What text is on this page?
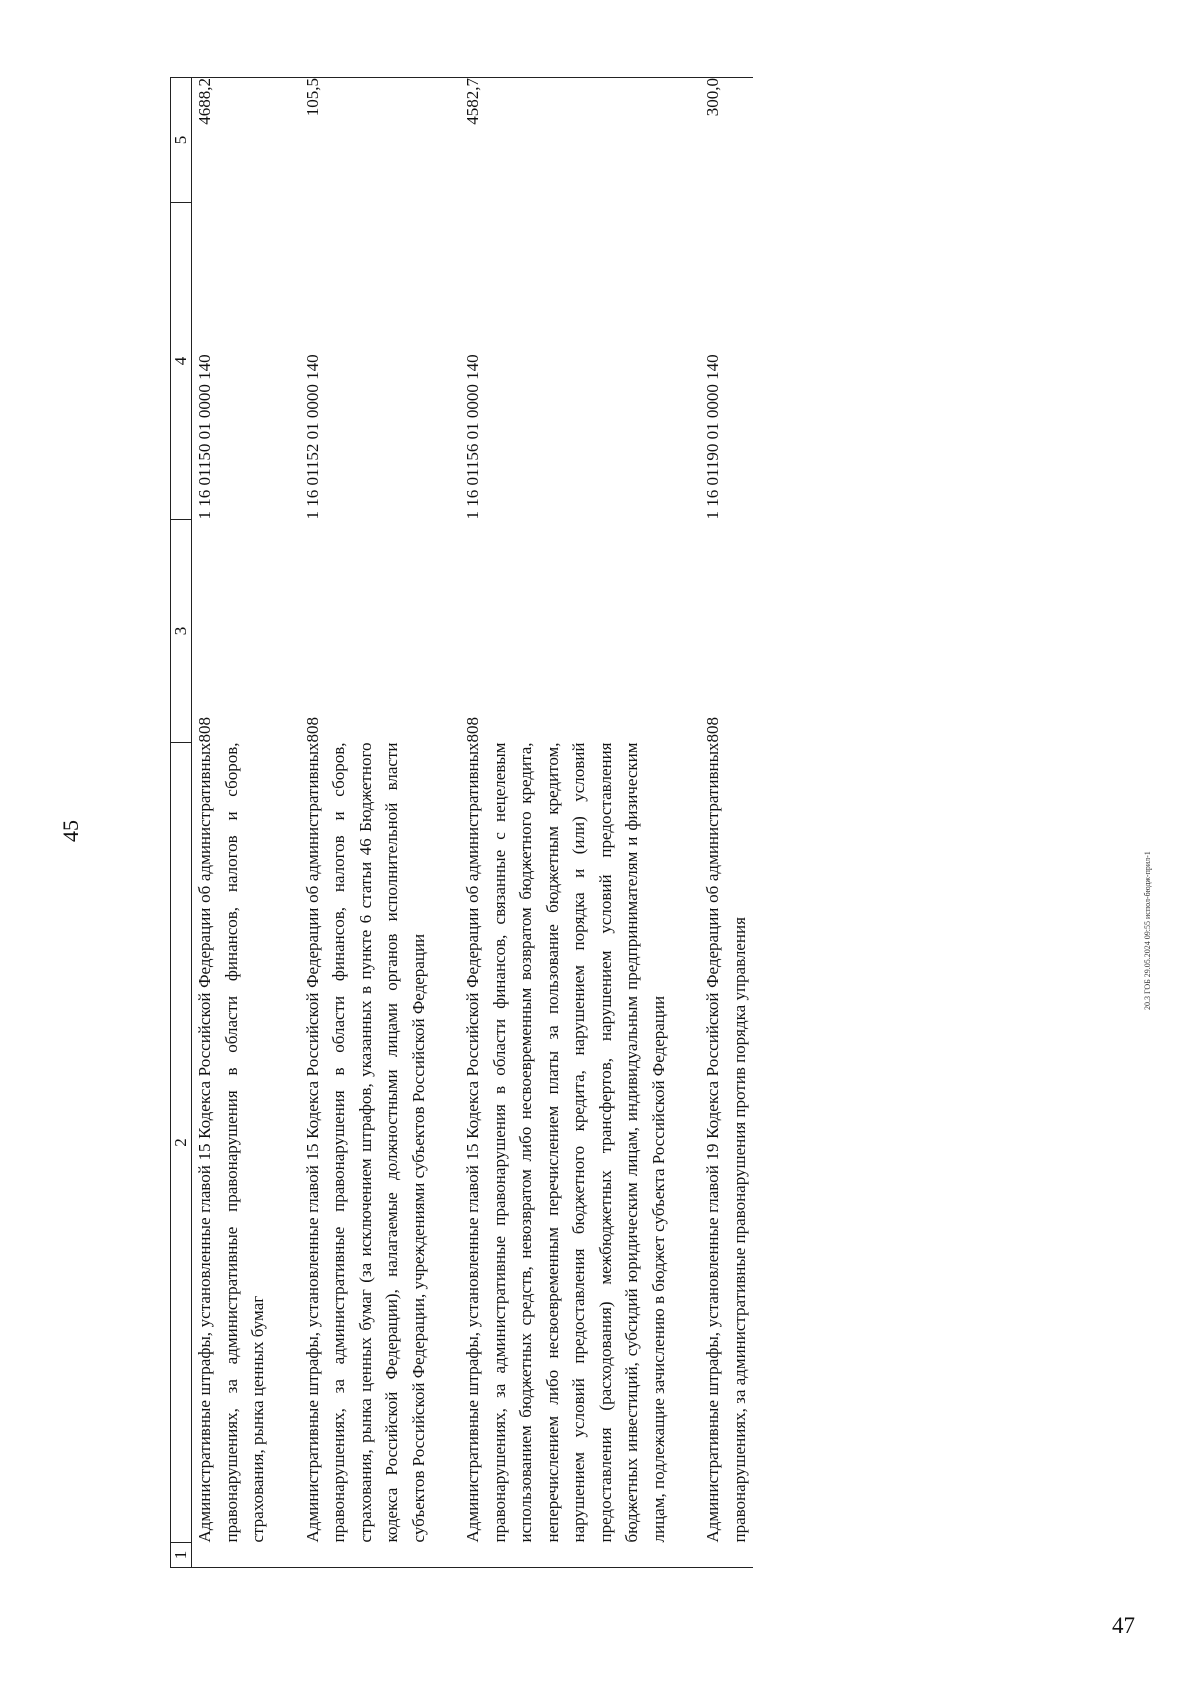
45
1	2	3	4	5
	Административные штрафы, установленные главой 15 Кодекса Российской Федерации об административных правонарушениях, за административные правонарушения в области финансов, налогов и сборов, страхования, рынка ценных бумаг	808	1 16 01150 01 0000 140	4688,2
	Административные штрафы, установленные главой 15 Кодекса Российской Федерации об административных правонарушениях, за административные правонарушения в области финансов, налогов и сборов, страхования, рынка ценных бумаг (за исключением штрафов, указанных в пункте 6 статьи 46 Бюджетного кодекса Российской Федерации), налагаемые должностными лицами органов исполнительной власти субъектов Российской Федерации, учреждениями субъектов Российской Федерации	808	1 16 01152 01 0000 140	105,5
	Административные штрафы, установленные главой 15 Кодекса Российской Федерации об административных правонарушениях, за административные правонарушения в области финансов, связанные с нецелевым использованием бюджетных средств, невозвратом либо несвоевременным возвратом бюджетного кредита, неперечислением либо несвоевременным перечислением платы за пользование бюджетным кредитом, нарушением условий предоставления бюджетного кредита, нарушением порядка и (или) условий предоставления (расходования) межбюджетных трансфертов, нарушением условий предоставления бюджетных инвестиций, субсидий юридическим лицам, индивидуальным предпринимателям и физическим лицам, подлежащие зачислению в бюджет субъекта Российской Федерации	808	1 16 01156 01 0000 140	4582,7
	Административные штрафы, установленные главой 19 Кодекса Российской Федерации об административных правонарушениях, за административные правонарушения против порядка управления	808	1 16 01190 01 0000 140	300,0
20.3 ГОБ 29.05.2024 09:55 испол-бюдж-прил-1
47
